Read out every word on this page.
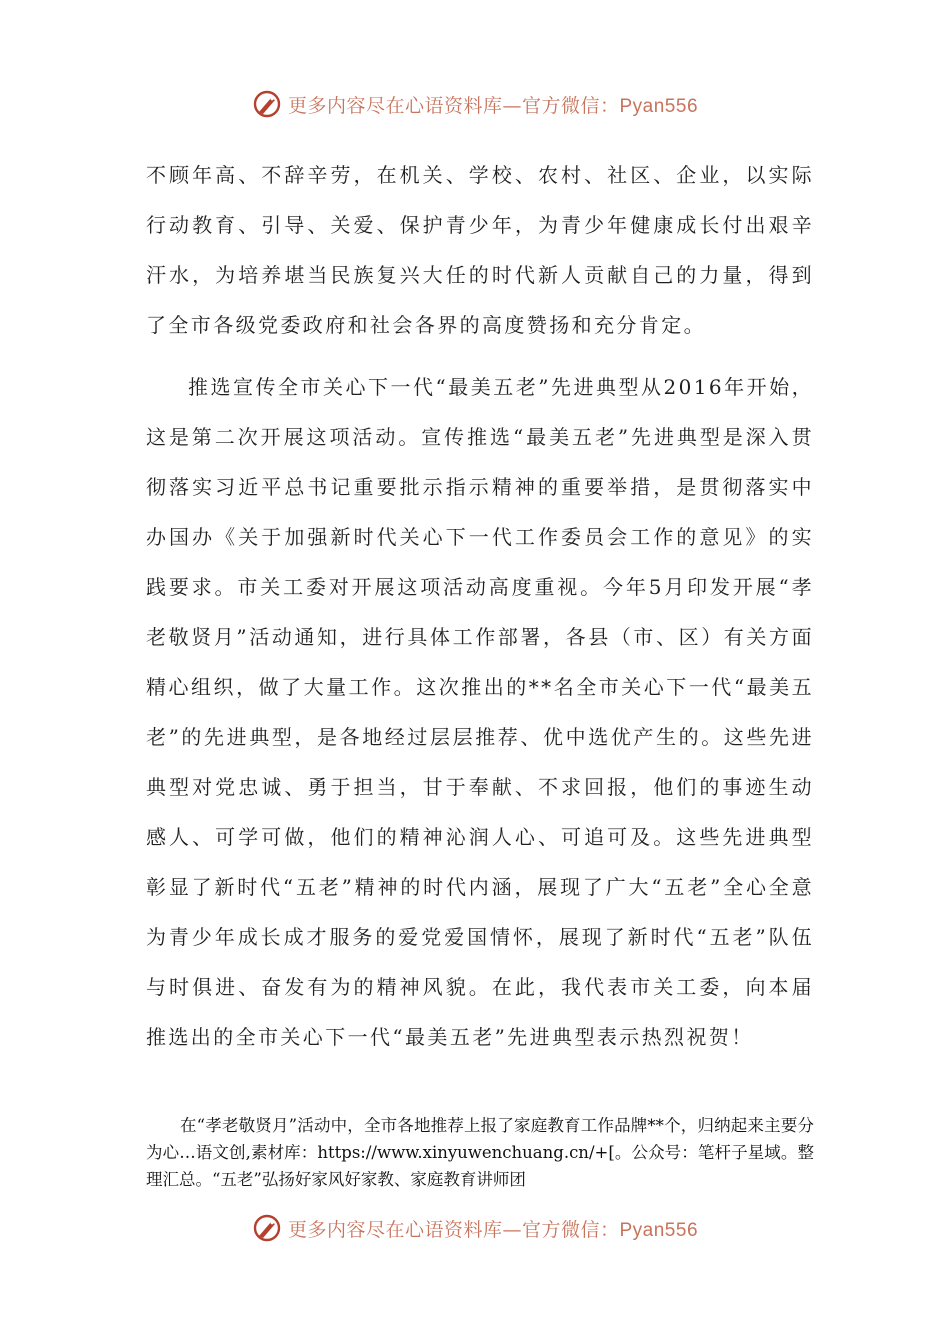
更多内容尽在心语资料库—官方微信：Pyan556

不顾年高、不辞辛劳，在机关、学校、农村、社区、企业，以实际行动教育、引导、关爱、保护青少年，为青少年健康成长付出艰辛汗水，为培养堪当民族复兴大任的时代新人贡献自己的力量，得到了全市各级党委政府和社会各界的高度赞扬和充分肯定。

推选宣传全市关心下一代“最美五老”先进典型从2016年开始，这是第二次开展这项活动。宣传推选“最美五老”先进典型是深入贯彻落实习近平总书记重要批示指示精神的重要举措，是贯彻落实中办国办《关于加强新时代关心下一代工作委员会工作的意见》的实践要求。市关工委对开展这项活动高度重视。今年5月印发开展“孝老敬贤月”活动通知，进行具体工作部署，各县（市、区）有关方面精心组织，做了大量工作。这次推出的**名全市关心下一代“最美五老”的先进典型，是各地经过层层推荐、优中选优产生的。这些先进典型对党忠诚、勇于担当，甘于奉献、不求回报，他们的事迹生动感人、可学可做，他们的精神沁润人心、可追可及。这些先进典型彰显了新时代“五老”精神的时代内涵，展现了广大“五老”全心全意为青少年成长成才服务的爱党爱国情怀，展现了新时代“五老”队伍与时俱进、奋发有为的精神风貌。在此，我代表市关工委，向本届推选出的全市关心下一代“最美五老”先进典型表示热烈祝贺！

在“孝老敬贤月”活动中，全市各地推荐上报了家庭教育工作品牌**个，归纳起来主要分为心…语文创,素材库：https://www.xinyuwenchuang.cn/+[。公众号：笔杆子星域。整理汇总。“五老”弘扬好家风好家教、家庭教育讲师团

更多内容尽在心语资料库—官方微信：Pyan556
